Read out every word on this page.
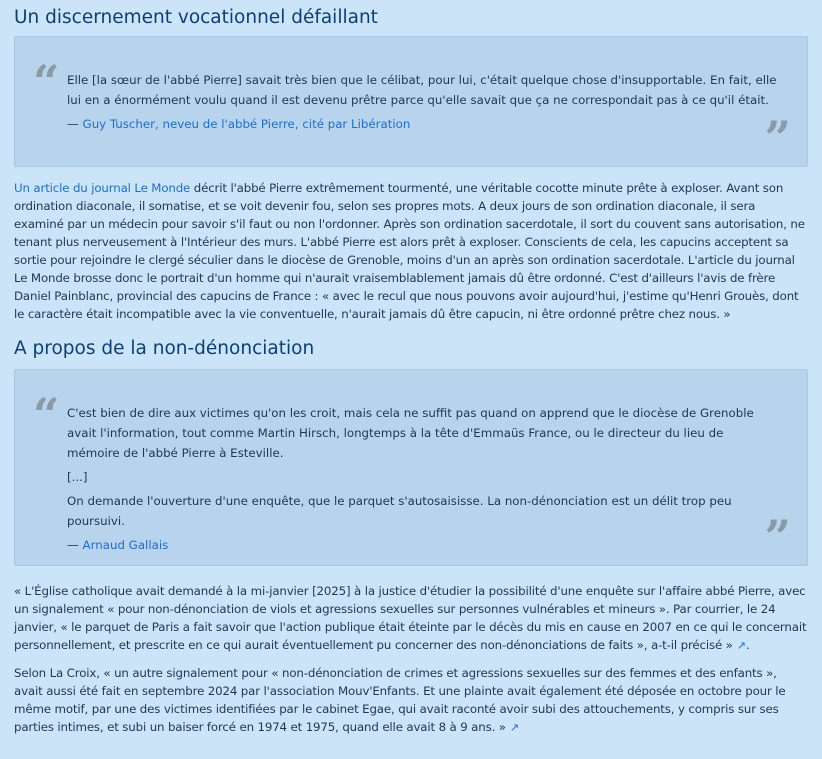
Un discernement vocationnel défaillant
“ Elle [la sœur de l'abbé Pierre] savait très bien que le célibat, pour lui, c'était quelque chose d'insupportable. En fait, elle lui en a énormément voulu quand il est devenu prêtre parce qu'elle savait que ça ne correspondait pas à ce qu'il était.

— Guy Tuscher, neveu de l'abbé Pierre, cité par Libération	”

Un article du journal Le Monde décrit l'abbé Pierre extrêmement tourmenté, une véritable cocotte minute prête à exploser. Avant son ordination diaconale, il somatise, et se voit devenir fou, selon ses propres mots. A deux jours de son ordination diaconale, il sera examiné par un médecin pour savoir s'il faut ou non l'ordonner. Après son ordination sacerdotale, il sort du couvent sans autorisation, ne tenant plus nerveusement à l'Intérieur des murs. L'abbé Pierre est alors prêt à exploser. Conscients de cela, les capucins acceptent sa sortie pour rejoindre le clergé séculier dans le diocèse de Grenoble, moins d'un an après son ordination sacerdotale. L'article du journal Le Monde brosse donc le portrait d'un homme qui n'aurait vraisemblablement jamais dû être ordonné. C'est d'ailleurs l'avis de frère Daniel Painblanc, provincial des capucins de France : « avec le recul que nous pouvons avoir aujourd'hui, j'estime qu'Henri Grouès, dont le caractère était incompatible avec la vie conventuelle, n'aurait jamais dû être capucin, ni être ordonné prêtre chez nous. »

A propos de la non-dénonciation
“ C'est bien de dire aux victimes qu'on les croit, mais cela ne suffit pas quand on apprend que le diocèse de Grenoble avait l'information, tout comme Martin Hirsch, longtemps à la tête d'Emmaüs France, ou le directeur du lieu de mémoire de l'abbé Pierre à Esteville.

[...]

On demande l'ouverture d'une enquête, que le parquet s'autosaisisse. La non-dénonciation est un délit trop peu poursuivi.

— Arnaud Gallais	”

« L'Église catholique avait demandé à la mi-janvier [2025] à la justice d'étudier la possibilité d'une enquête sur l'affaire abbé Pierre, avec un signalement « pour non-dénonciation de viols et agressions sexuelles sur personnes vulnérables et mineurs ». Par courrier, le 24 janvier, « le parquet de Paris a fait savoir que l'action publique était éteinte par le décès du mis en cause en 2007 en ce qui le concernait personnellement, et prescrite en ce qui aurait éventuellement pu concerner des non-dénonciations de faits », a-t-il précisé » ↗.

Selon La Croix, « un autre signalement pour « non-dénonciation de crimes et agressions sexuelles sur des femmes et des enfants », avait aussi été fait en septembre 2024 par l'association Mouv'Enfants. Et une plainte avait également été déposée en octobre pour le même motif, par une des victimes identifiées par le cabinet Egae, qui avait raconté avoir subi des attouchements, y compris sur ses parties intimes, et subi un baiser forcé en 1974 et 1975, quand elle avait 8 à 9 ans. » ↗
